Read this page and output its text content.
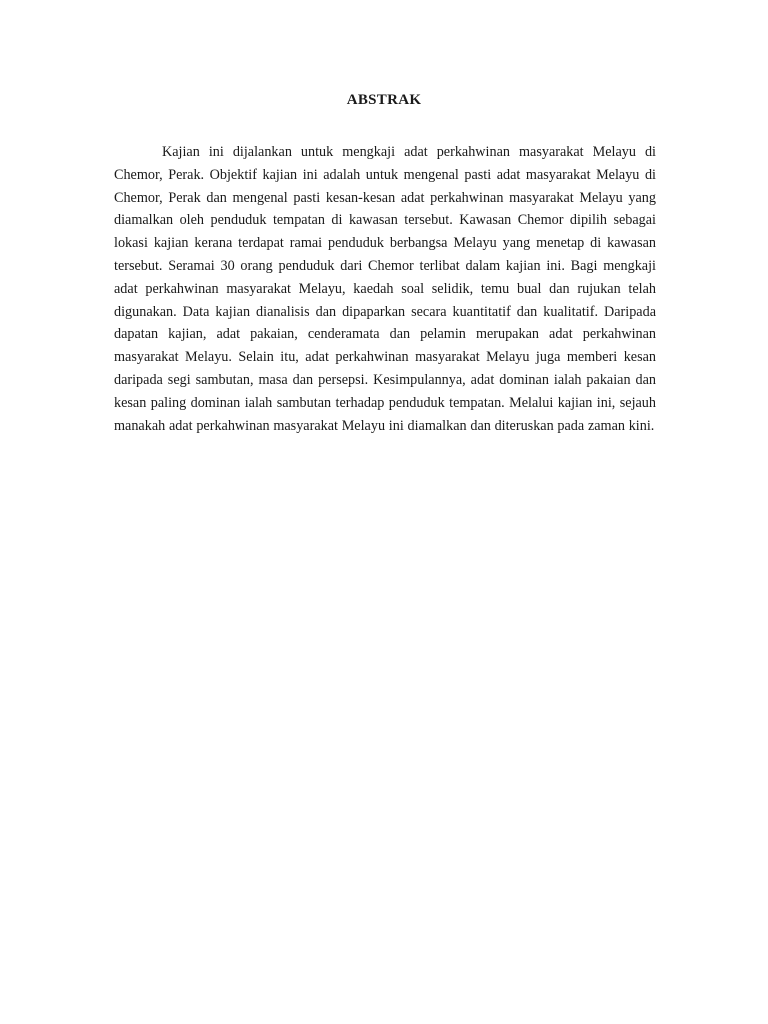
ABSTRAK

Kajian ini dijalankan untuk mengkaji adat perkahwinan masyarakat Melayu di Chemor, Perak. Objektif kajian ini adalah untuk mengenal pasti adat masyarakat Melayu di Chemor, Perak dan mengenal pasti kesan-kesan adat perkahwinan masyarakat Melayu yang diamalkan oleh penduduk tempatan di kawasan tersebut. Kawasan Chemor dipilih sebagai lokasi kajian kerana terdapat ramai penduduk berbangsa Melayu yang menetap di kawasan tersebut. Seramai 30 orang penduduk dari Chemor terlibat dalam kajian ini. Bagi mengkaji adat perkahwinan masyarakat Melayu, kaedah soal selidik, temu bual dan rujukan telah digunakan. Data kajian dianalisis dan dipaparkan secara kuantitatif dan kualitatif. Daripada dapatan kajian, adat pakaian, cenderamata dan pelamin merupakan adat perkahwinan masyarakat Melayu. Selain itu, adat perkahwinan masyarakat Melayu juga memberi kesan daripada segi sambutan, masa dan persepsi. Kesimpulannya, adat dominan ialah pakaian dan kesan paling dominan ialah sambutan terhadap penduduk tempatan. Melalui kajian ini, sejauh manakah adat perkahwinan masyarakat Melayu ini diamalkan dan diteruskan pada zaman kini.
